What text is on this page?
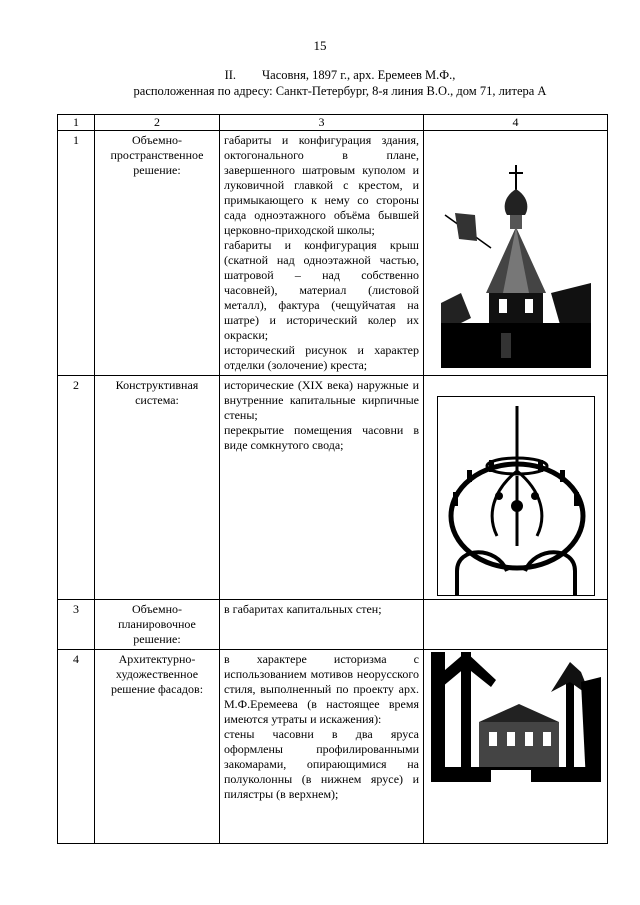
15
II. Часовня, 1897 г., арх. Еремеев М.Ф.,
расположенная по адресу: Санкт-Петербург, 8-я линия В.О., дом 71, литера А
1	2	3	4
1	Объемно-пространственное решение:	габариты и конфигурация здания, октогонального в плане, завершенного шатровым куполом и луковичной главкой с крестом, и примыкающего к нему со стороны сада одноэтажного объёма бывшей церковно-приходской школы;
габариты и конфигурация крыш (скатной над одноэтажной частью, шатровой – над собственно часовней), материал (листовой металл), фактура (чещуйчатая на шатре) и исторический колер их окраски;
исторический рисунок и характер отделки (золочение) креста;

2	Конструктивная система:	исторические (XIX века) наружные и внутренние капитальные кирпичные стены;
перекрытие помещения часовни в виде сомкнутого свода;

3	Объемно-планировочное решение:	в габаритах капитальных стен;	

4	Архитектурно-художественное решение фасадов:	в характере историзма с использованием мотивов неорусского стиля, выполненный по проекту арх. М.Ф.Еремеева (в настоящее время имеются утраты и искажения):
стены часовни в два яруса оформлены профилированными закомарами, опирающимися на полуколонны (в нижнем ярусе) и пилястры (в верхнем);
